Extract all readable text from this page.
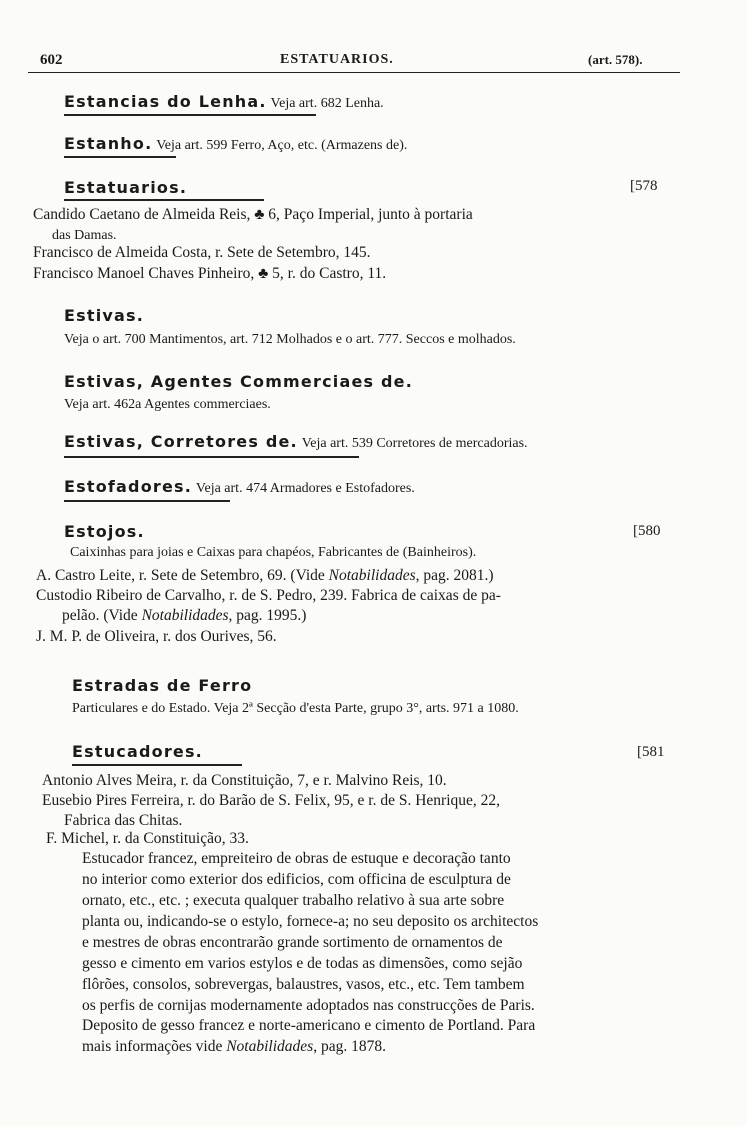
602	ESTATUARIOS.	(art. 578).
Estancias do Lenha. Veja art. 682 Lenha.
Estanho. Veja art. 599 Ferro, Aço, etc. (Armazens de).
Estatuarios.	[578
Candido Caetano de Almeida Reis, ♣ 6, Paço Imperial, junto à portaria
das Damas.
Francisco de Almeida Costa, r. Sete de Setembro, 145.
Francisco Manoel Chaves Pinheiro, ♣ 5, r. do Castro, 11.
Estivas.
Veja o art. 700 Mantimentos, art. 712 Molhados e o art. 777. Seccos e molhados.
Estivas, Agentes Commerciaes de.
Veja art. 462a Agentes commerciaes.
Estivas, Corretores de. Veja art. 539 Corretores de mercadorias.
Estofadores. Veja art. 474 Armadores e Estofadores.
Estojos.	[580
Caixinhas para joias e Caixas para chapéos, Fabricantes de (Bainheiros).
A. Castro Leite, r. Sete de Setembro, 69. (Vide Notabilidades, pag. 2081.)
Custodio Ribeiro de Carvalho, r. de S. Pedro, 239. Fabrica de caixas de pa-
pelão. (Vide Notabilidades, pag. 1995.)
J. M. P. de Oliveira, r. dos Ourives, 56.
Estradas de Ferro
Particulares e do Estado. Veja 2ª Secção d'esta Parte, grupo 3°, arts. 971 a 1080.
Estucadores.	[581
Antonio Alves Meira, r. da Constituição, 7, e r. Malvino Reis, 10.
Eusebio Pires Ferreira, r. do Barão de S. Felix, 95, e r. de S. Henrique, 22,
Fabrica das Chitas.
F. Michel, r. da Constituição, 33.
Estucador francez, empreiteiro de obras de estuque e decoração tanto
no interior como exterior dos edificios, com officina de esculptura de
ornato, etc., etc. ; executa qualquer trabalho relativo à sua arte sobre
planta ou, indicando-se o estylo, fornece-a; no seu deposito os architectos
e mestres de obras encontrarão grande sortimento de ornamentos de
gesso e cimento em varios estylos e de todas as dimensões, como sejão
flôrões, consolos, sobrevergas, balaustres, vasos, etc., etc. Tem tambem
os perfis de cornijas modernamente adoptados nas construcções de Paris.
Deposito de gesso francez e norte-americano e cimento de Portland. Para
mais informações vide Notabilidades, pag. 1878.
